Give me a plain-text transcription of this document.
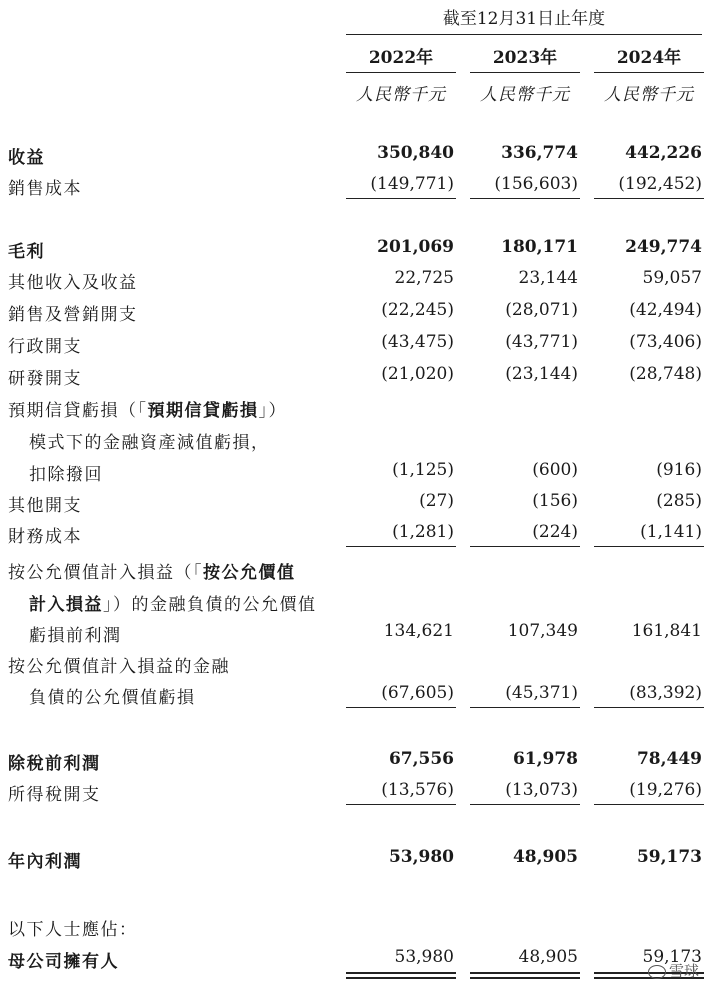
截至12月31日止年度
2022年	2023年	2024年
人民幣千元	人民幣千元	人民幣千元
收益	350,840	336,774	442,226
銷售成本	(149,771)	(156,603)	(192,452)
毛利	201,069	180,171	249,774
其他收入及收益	22,725	23,144	59,057
銷售及營銷開支	(22,245)	(28,071)	(42,494)
行政開支	(43,475)	(43,771)	(73,406)
研發開支	(21,020)	(23,144)	(28,748)
預期信貸虧損（「預期信貸虧損」）
模式下的金融資產減值虧損，
扣除撥回	(1,125)	(600)	(916)
其他開支	(27)	(156)	(285)
財務成本	(1,281)	(224)	(1,141)
按公允價值計入損益（「按公允價值
計入損益」）的金融負債的公允價值
虧損前利潤	134,621	107,349	161,841
按公允價值計入損益的金融
負債的公允價值虧損	(67,605)	(45,371)	(83,392)
除稅前利潤	67,556	61,978	78,449
所得稅開支	(13,576)	(13,073)	(19,276)
年內利潤	53,980	48,905	59,173
以下人士應佔：
母公司擁有人	53,980	48,905	59,173
雪球
